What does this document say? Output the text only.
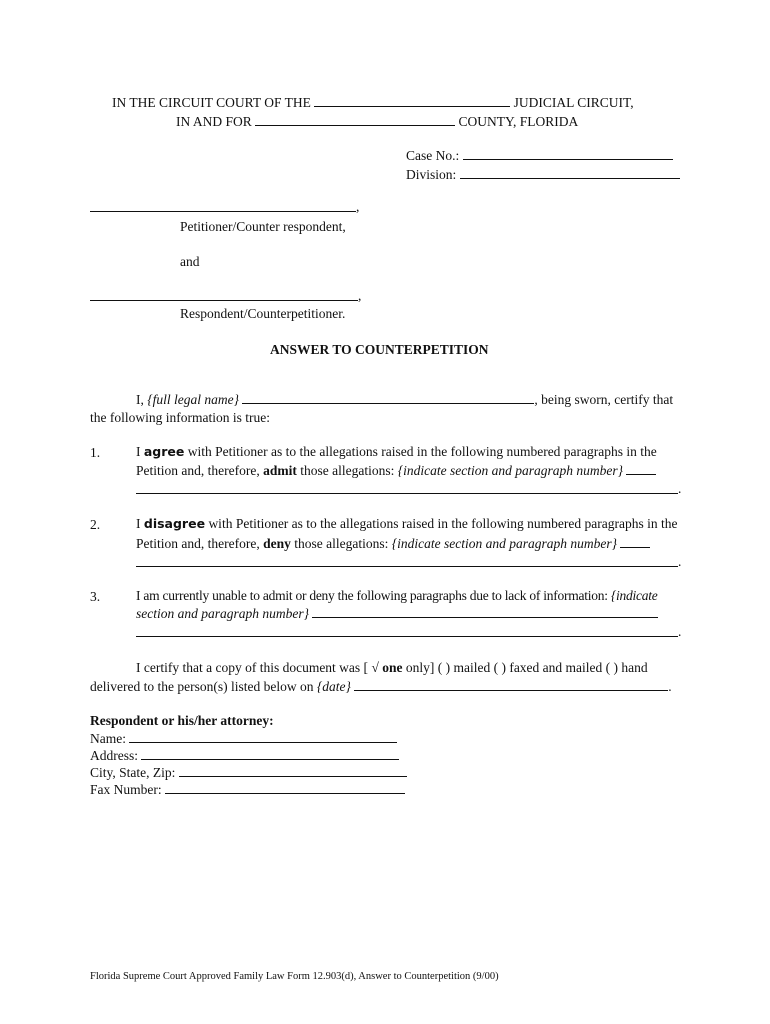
IN THE CIRCUIT COURT OF THE	JUDICIAL CIRCUIT,
IN AND FOR	COUNTY, FLORIDA
Case No.:
Division:
,
Petitioner/Counter respondent,
and
,
Respondent/Counterpetitioner.
ANSWER TO COUNTERPETITION
I, {full legal name}	, being sworn, certify that
the following information is true:
1.	I agree with Petitioner as to the allegations raised in the following numbered paragraphs in the
Petition and, therefore, admit those allegations: {indicate section and paragraph number}
.
2.	I disagree with Petitioner as to the allegations raised in the following numbered paragraphs in the
Petition and, therefore, deny those allegations: {indicate section and paragraph number}
.
3.	I am currently unable to admit or deny the following paragraphs due to lack of information: {indicate
section and paragraph number}
.
I certify that a copy of this document was [ √ one only] ( ) mailed ( ) faxed and mailed ( ) hand
delivered to the person(s) listed below on {date}	.
Respondent or his/her attorney:
Name:
Address:
City, State, Zip:
Fax Number:
Florida Supreme Court Approved Family Law Form 12.903(d), Answer to Counterpetition (9/00)
